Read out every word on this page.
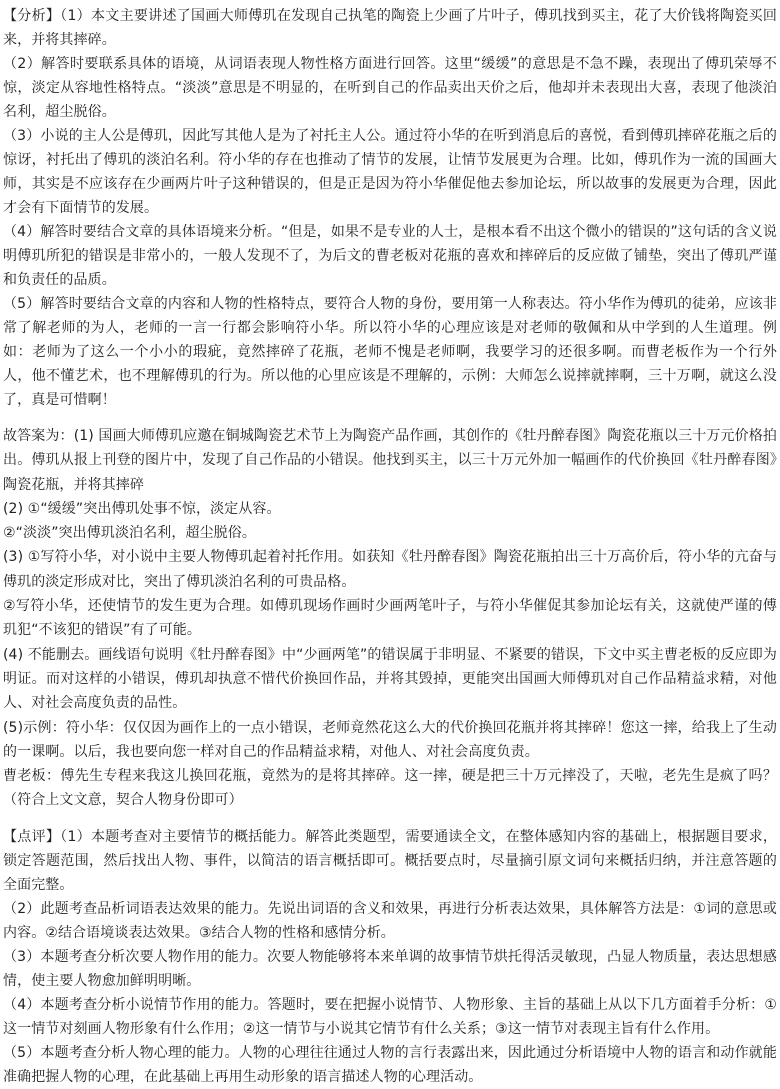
【分析】（1）本文主要讲述了国画大师傅玑在发现自己执笔的陶瓷上少画了片叶子，傅玑找到买主，花了大价钱将陶瓷买回来，并将其摔碎。

（2）解答时要联系具体的语境，从词语表现人物性格方面进行回答。这里“缓缓”的意思是不急不躁，表现出了傅玑荣辱不惊，淡定从容地性格特点。“淡淡”意思是不明显的，在听到自己的作品卖出天价之后，他却并未表现出大喜，表现了他淡泊名利，超尘脱俗。

（3）小说的主人公是傅玑，因此写其他人是为了衬托主人公。通过符小华的在听到消息后的喜悦，看到傅玑摔碎花瓶之后的惊讶，衬托出了傅玑的淡泊名利。符小华的存在也推动了情节的发展，让情节发展更为合理。比如，傅玑作为一流的国画大师，其实是不应该存在少画两片叶子这种错误的，但是正是因为符小华催促他去参加论坛，所以故事的发展更为合理，因此才会有下面情节的发展。

（4）解答时要结合文章的具体语境来分析。“但是，如果不是专业的人士，是根本看不出这个微小的错误的”这句话的含义说明傅玑所犯的错误是非常小的，一般人发现不了，为后文的曹老板对花瓶的喜欢和摔碎后的反应做了铺垫，突出了傅玑严谨和负责任的品质。

（5）解答时要结合文章的内容和人物的性格特点，要符合人物的身份，要用第一人称表达。符小华作为傅玑的徒弟，应该非常了解老师的为人，老师的一言一行都会影响符小华。所以符小华的心理应该是对老师的敬佩和从中学到的人生道理。例如：老师为了这么一个小小的瑕疵，竟然摔碎了花瓶，老师不愧是老师啊，我要学习的还很多啊。而曹老板作为一个行外人，他不懂艺术，也不理解傅玑的行为。所以他的心里应该是不理解的，示例：大师怎么说摔就摔啊，三十万啊，就这么没了，真是可惜啊！

故答案为：(1) 国画大师傅玑应邀在铜城陶瓷艺术节上为陶瓷产品作画，其创作的《牡丹醉春图》陶瓷花瓶以三十万元价格拍出。傅玑从报上刊登的图片中，发现了自己作品的小错误。他找到买主，以三十万元外加一幅画作的代价换回《牡丹醉春图》陶瓷花瓶，并将其摔碎

(2) ①“缓缓”突出傅玑处事不惊，淡定从容。

②“淡淡”突出傅玑淡泊名利，超尘脱俗。

(3) ①写符小华，对小说中主要人物傅玑起着衬托作用。如获知《牡丹醉春图》陶瓷花瓶拍出三十万高价后，符小华的亢奋与傅玑的淡定形成对比，突出了傅玑淡泊名利的可贵品格。

②写符小华，还使情节的发生更为合理。如傅玑现场作画时少画两笔叶子，与符小华催促其参加论坛有关，这就使严谨的傅玑犯“不该犯的错误”有了可能。

(4) 不能删去。画线语句说明《牡丹醉春图》中“少画两笔”的错误属于非明显、不紧要的错误，下文中买主曹老板的反应即为明证。而对这样的小错误，傅玑却执意不惜代价换回作品，并将其毁掉，更能突出国画大师傅玑对自己作品精益求精，对他人、对社会高度负责的品性。

(5)示例：符小华：仅仅因为画作上的一点小错误，老师竟然花这么大的代价换回花瓶并将其摔碎！您这一摔，给我上了生动的一课啊。以后，我也要向您一样对自己的作品精益求精，对他人、对社会高度负责。

曹老板：傅先生专程来我这儿换回花瓶，竟然为的是将其摔碎。这一摔，硬是把三十万元摔没了，天啦，老先生是疯了吗？（符合上文文意，契合人物身份即可）

【点评】（1）本题考查对主要情节的概括能力。解答此类题型，需要通读全文，在整体感知内容的基础上，根据题目要求，锁定答题范围，然后找出人物、事件，以简洁的语言概括即可。概括要点时，尽量摘引原文词句来概括归纳，并注意答题的全面完整。

（2）此题考查品析词语表达效果的能力。先说出词语的含义和效果，再进行分析表达效果，具体解答方法是：①词的意思或内容。②结合语境谈表达效果。③结合人物的性格和感情分析。

（3）本题考查分析次要人物作用的能力。次要人物能够将本来单调的故事情节烘托得活灵敏现，凸显人物质量，表达思想感情，使主要人物愈加鲜明明晰。

（4）本题考查分析小说情节作用的能力。答题时，要在把握小说情节、人物形象、主旨的基础上从以下几方面着手分析：①这一情节对刻画人物形象有什么作用；②这一情节与小说其它情节有什么关系；③这一情节对表现主旨有什么作用。

（5）本题考查分析人物心理的能力。人物的心理往往通过人物的言行表露出来，因此通过分析语境中人物的语言和动作就能准确把握人物的心理，在此基础上再用生动形象的语言描述人物的心理活动。
